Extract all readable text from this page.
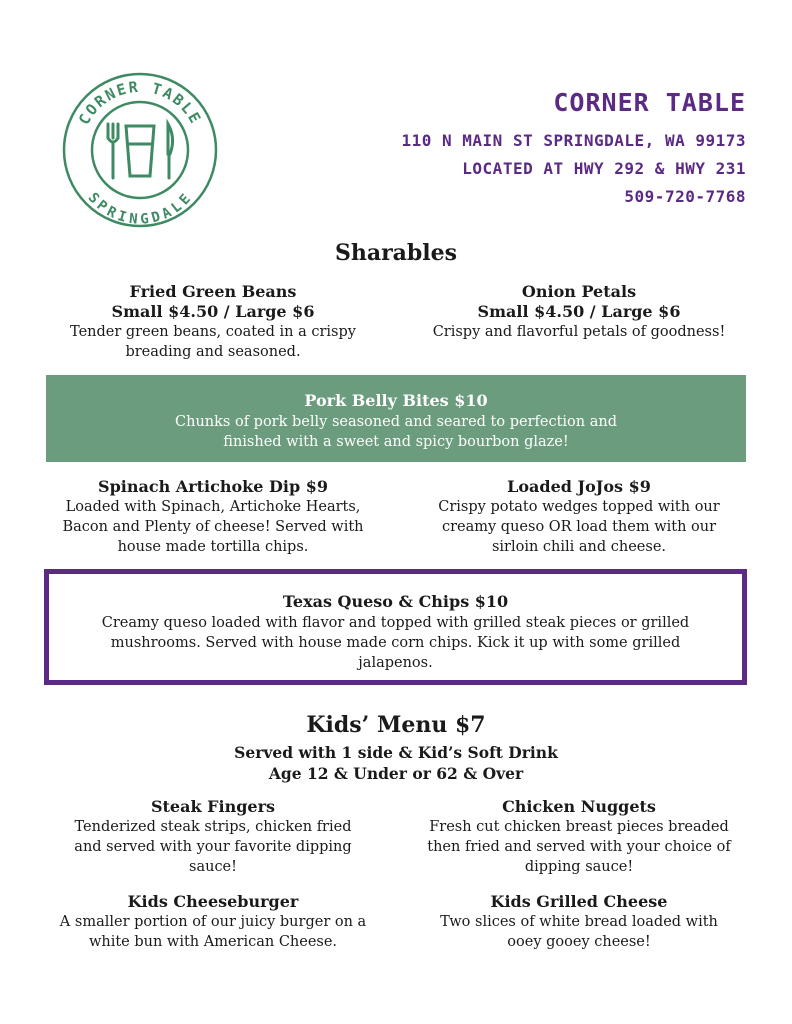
CORNER TABLE
SPRINGDALE
CORNER TABLE
110 N MAIN ST SPRINGDALE, WA 99173
LOCATED AT HWY 292 & HWY 231
509-720-7768
Sharables
Fried Green Beans
Small $4.50 / Large $6
Tender green beans, coated in a crispy
breading and seasoned.
Onion Petals
Small $4.50 / Large $6
Crispy and flavorful petals of goodness!
Pork Belly Bites $10
Chunks of pork belly seasoned and seared to perfection and
finished with a sweet and spicy bourbon glaze!
Spinach Artichoke Dip $9
Loaded with Spinach, Artichoke Hearts,
Bacon and Plenty of cheese! Served with
house made tortilla chips.
Loaded JoJos $9
Crispy potato wedges topped with our
creamy queso OR load them with our
sirloin chili and cheese.
Texas Queso & Chips $10
Creamy queso loaded with flavor and topped with grilled steak pieces or grilled
mushrooms. Served with house made corn chips. Kick it up with some grilled
jalapenos.
Kids’ Menu $7
Served with 1 side & Kid’s Soft Drink
Age 12 & Under or 62 & Over
Steak Fingers
Tenderized steak strips, chicken fried
and served with your favorite dipping
sauce!
Chicken Nuggets
Fresh cut chicken breast pieces breaded
then fried and served with your choice of
dipping sauce!
Kids Cheeseburger
A smaller portion of our juicy burger on a
white bun with American Cheese.
Kids Grilled Cheese
Two slices of white bread loaded with
ooey gooey cheese!
